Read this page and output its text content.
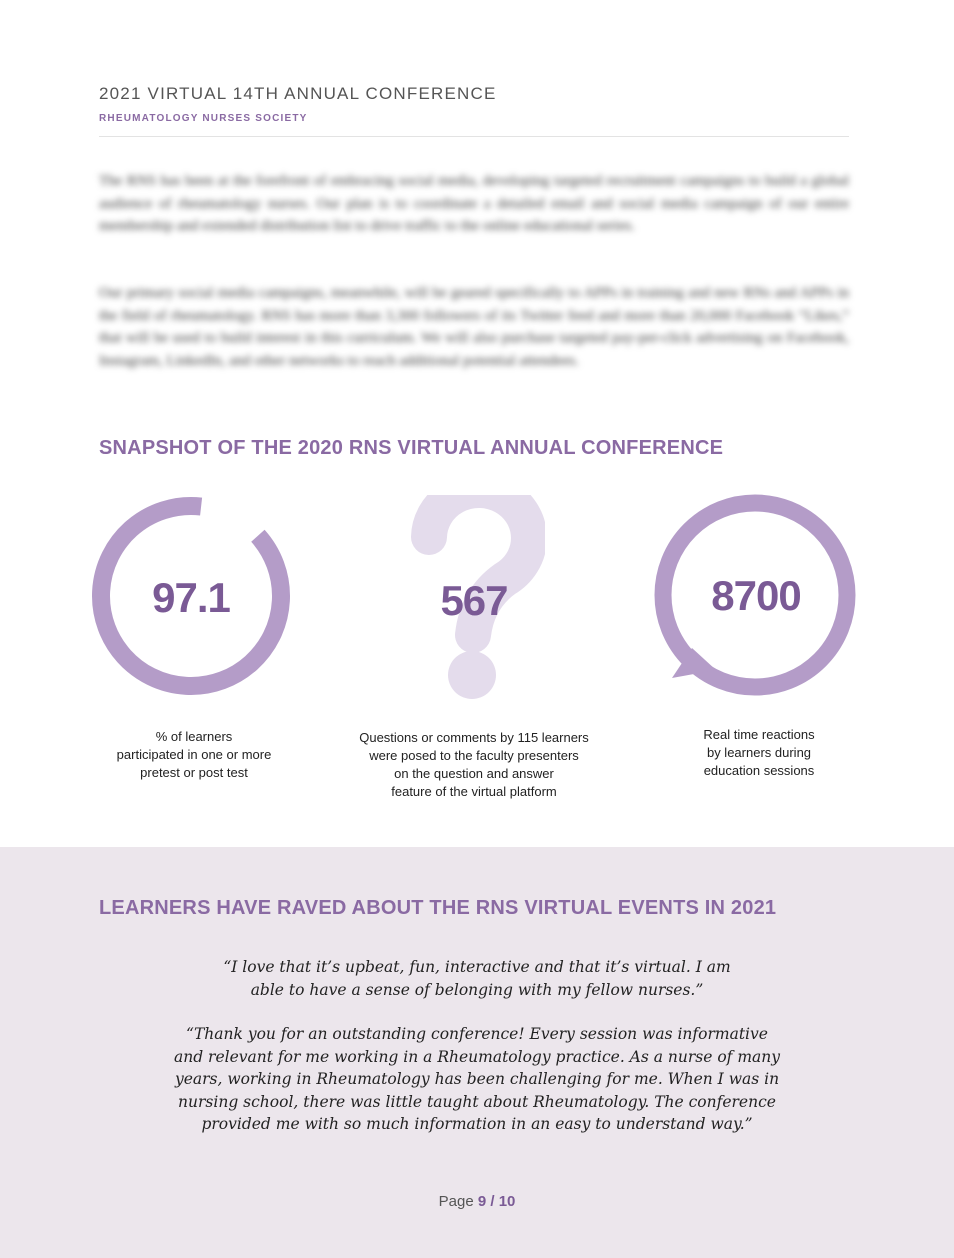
2021 VIRTUAL 14TH ANNUAL CONFERENCE
RHEUMATOLOGY NURSES SOCIETY
The RNS has been at the forefront of embracing social media, developing targeted recruitment campaigns to build a global audience of rheumatology nurses. Our plan is to coordinate a detailed email and social media campaign of our entire membership and extended distribution list to drive traffic to the online educational series.
Our primary social media campaigns, meanwhile, will be geared specifically to APPs in training and new RNs and APPs in the field of rheumatology. RNS has more than 3,300 followers of its Twitter feed and more than 20,000 Facebook “Likes,” that will be used to build interest in this curriculum. We will also purchase targeted pay-per-click advertising on Facebook, Instagram, LinkedIn, and other networks to reach additional potential attendees.
SNAPSHOT OF THE 2020 RNS VIRTUAL ANNUAL CONFERENCE
97.1
% of learners
participated in one or more
pretest or post test
567
Questions or comments by 115 learners
were posed to the faculty presenters
on the question and answer
feature of the virtual platform
8700
Real time reactions
by learners during
education sessions
LEARNERS HAVE RAVED ABOUT THE RNS VIRTUAL EVENTS IN 2021
“I love that it’s upbeat, fun, interactive and that it’s virtual. I am
able to have a sense of belonging with my fellow nurses.”
“Thank you for an outstanding conference! Every session was informative
and relevant for me working in a Rheumatology practice. As a nurse of many
years, working in Rheumatology has been challenging for me. When I was in
nursing school, there was little taught about Rheumatology. The conference
provided me with so much information in an easy to understand way.”
Page 9 / 10
